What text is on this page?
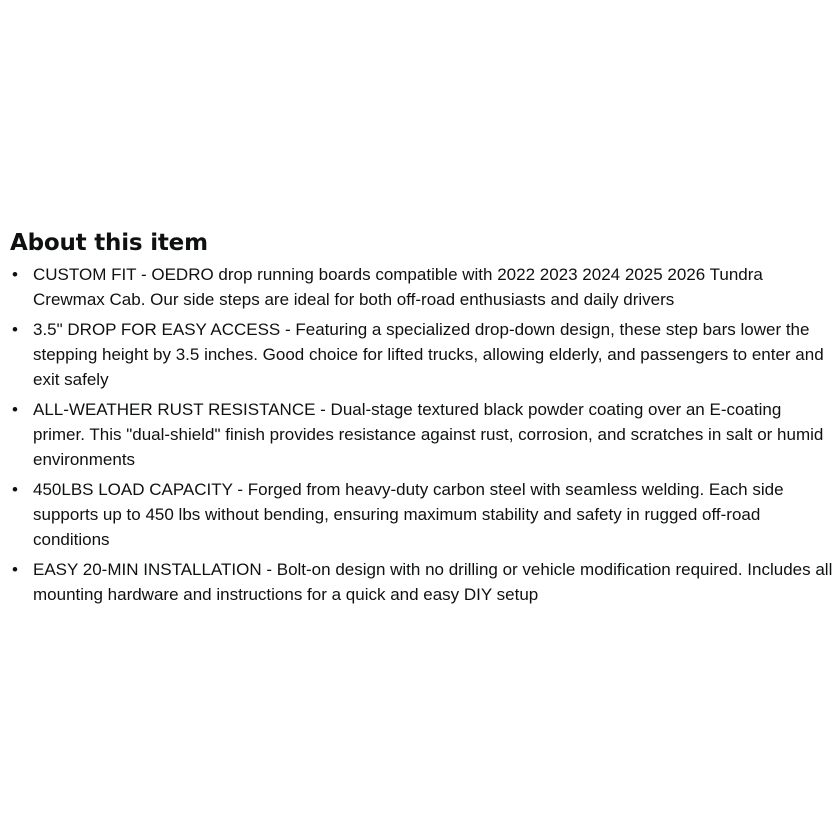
About this item
• CUSTOM FIT - OEDRO drop running boards compatible with 2022 2023 2024 2025 2026 Tundra Crewmax Cab. Our side steps are ideal for both off-road enthusiasts and daily drivers
• 3.5" DROP FOR EASY ACCESS - Featuring a specialized drop-down design, these step bars lower the stepping height by 3.5 inches. Good choice for lifted trucks, allowing elderly, and passengers to enter and exit safely
• ALL-WEATHER RUST RESISTANCE - Dual-stage textured black powder coating over an E-coating primer. This "dual-shield" finish provides resistance against rust, corrosion, and scratches in salt or humid environments
• 450LBS LOAD CAPACITY - Forged from heavy-duty carbon steel with seamless welding. Each side supports up to 450 lbs without bending, ensuring maximum stability and safety in rugged off-road conditions
• EASY 20-MIN INSTALLATION - Bolt-on design with no drilling or vehicle modification required. Includes all mounting hardware and instructions for a quick and easy DIY setup
